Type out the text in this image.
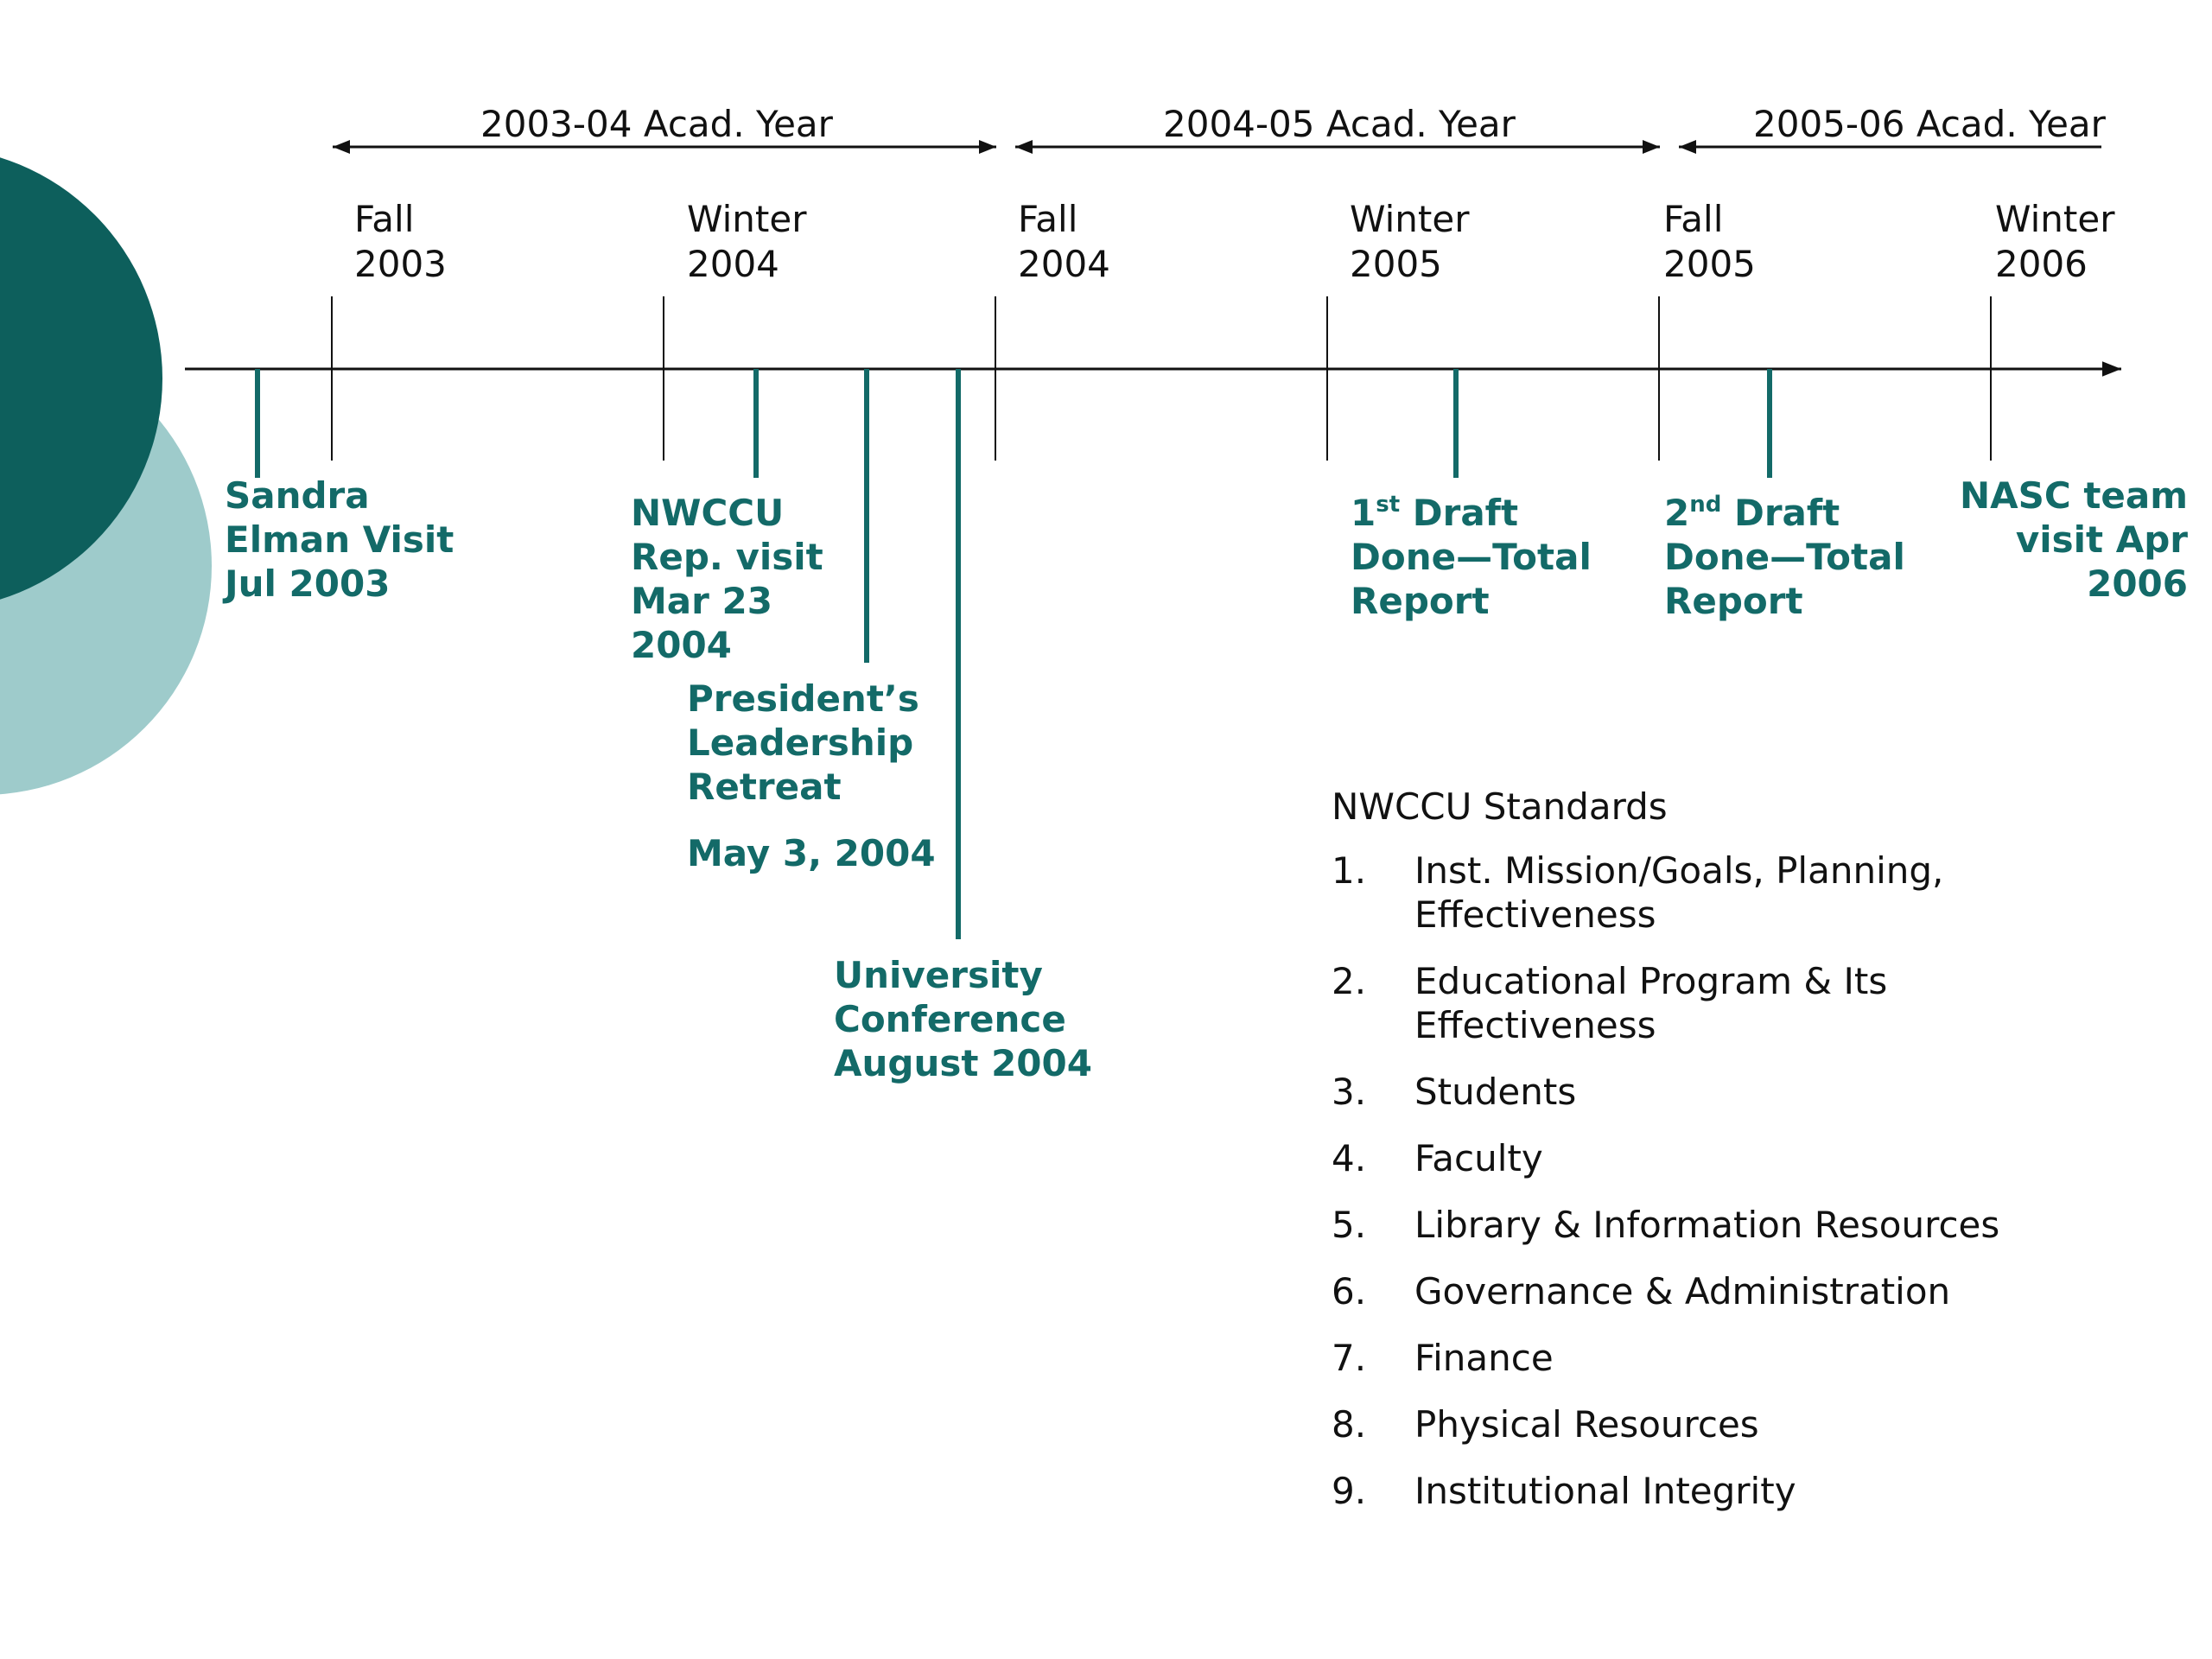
2003-04 Acad. Year	2004-05 Acad. Year	2005-06 Acad. Year
Fall
2003
Winter
2004
Fall
2004
Winter
2005
Fall
2005
Winter
2006
Sandra
Elman Visit
Jul 2003
NWCCU
Rep. visit
Mar 23
2004
President’s
Leadership
Retreat
May 3, 2004
University
Conference
August 2004
1st Draft
Done—Total
Report
2nd Draft
Done—Total
Report
NASC team
visit Apr
2006
NWCCU Standards
1.	Inst. Mission/Goals, Planning, Effectiveness
2.	Educational Program & Its Effectiveness
3.	Students
4.	Faculty
5.	Library & Information Resources
6.	Governance & Administration
7.	Finance
8.	Physical Resources
9.	Institutional Integrity
